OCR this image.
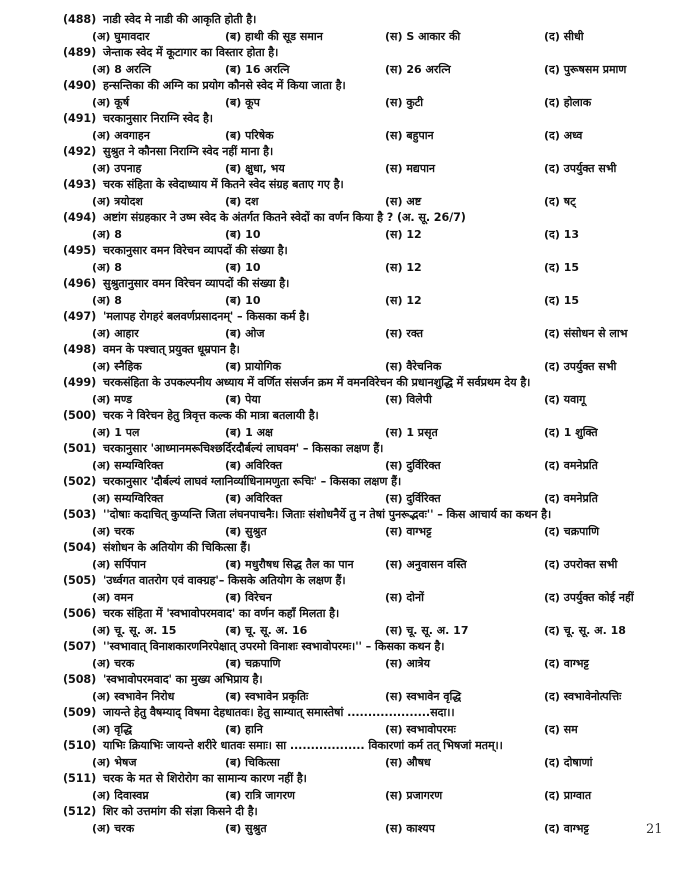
(488) नाडी स्वेद मे नाडी की आकृति होती है।
(अ) घुमावदार	(ब) हाथी की सूड समान	(स) S आकार की	(द) सीधी
(489) जेन्ताक स्वेद में कूटागार का विस्तार होता है।
(अ) 8 अरत्नि	(ब) 16 अरत्नि	(स) 26 अरत्नि	(द) पुरूषसम प्रमाण
(490) हन्सन्तिका की अग्नि का प्रयोग कौनसे स्वेद में किया जाता है।
(अ) कूर्ष	(ब) कूप	(स) कुटी	(द) होलाक
(491) चरकानुसार निराग्नि स्वेद है।
(अ) अवगाहन	(ब) परिषेक	(स) बहुपान	(द) अध्व
(492) सुश्रुत ने कौनसा निराग्नि स्वेद नहीं माना है।
(अ) उपनाह	(ब) क्षुधा, भय	(स) मद्यपान	(द) उपर्युक्त सभी
(493) चरक संहिता के स्वेदाध्याय में कितने स्वेद संग्रह बताए गए है।
(अ) त्रयोदश	(ब) दश	(स) अष्ट	(द) षट्
(494) अष्टांग संग्रहकार ने उष्म स्वेद के अंतर्गत कितने स्वेदों का वर्णन किया है ? (अ. सू. 26/7)
(अ) 8	(ब) 10	(स) 12	(द) 13
(495) चरकानुसार वमन विरेचन व्यापदों की संख्या है।
(अ) 8	(ब) 10	(स) 12	(द) 15
(496) सुश्रुतानुसार वमन विरेचन व्यापदों की संख्या है।
(अ) 8	(ब) 10	(स) 12	(द) 15
(497) 'मलापह रोगहरं बलवर्णप्रसादनम्' – किसका कर्म है।
(अ) आहार	(ब) ओज	(स) रक्त	(द) संसोधन से लाभ
(498) वमन के पश्चात् प्रयुक्त धूम्रपान है।
(अ) स्नैहिक	(ब) प्रायोगिक	(स) वैरेचनिक	(द) उपर्युक्त सभी
(499) चरकसंहिता के उपकल्पनीय अध्याय में वर्णित संसर्जन क्रम में वमनविरेचन की प्रधानशुद्धि में सर्वप्रथम देय है।
(अ) मण्ड	(ब) पेया	(स) विलेपी	(द) यवागू
(500) चरक ने विरेचन हेतु त्रिवृत्त कल्क की मात्रा बतलायी है।
(अ) 1 पल	(ब) 1 अक्ष	(स) 1 प्रसृत	(द) 1 शुक्ति
(501) चरकानुसार 'आध्मानमरूचिश्छर्दिरदौर्बल्यं लाघवम' – किसका लक्षण हैं।
(अ) सम्यग्विरिक्त	(ब) अविरिक्त	(स) दुर्विरिक्त	(द) वमनेप्रति
(502) चरकानुसार 'दौर्बल्यं लाघवं ग्लानिर्व्याधिनामणुता रूचिः' – किसका लक्षण हैं।
(अ) सम्यग्विरिक्त	(ब) अविरिक्त	(स) दुर्विरिक्त	(द) वमनेप्रति
(503) ''दोषाः कदाचित् कुप्यन्ति जिता लंघनपाचनैः। जिताः संशोधनैर्ये तु न तेषां पुनरूद्भवः'' – किस आचार्य का कथन है।
(अ) चरक	(ब) सुश्रुत	(स) वाग्भट्ट	(द) चक्रपाणि
(504) संशोधन के अतियोग की चिकित्सा हैं।
(अ) सर्पिपान	(ब) मधुरौषध सिद्ध तैल का पान	(स) अनुवासन वस्ति	(द) उपरोक्त सभी
(505) 'उर्ध्वगत वातरोग एवं वाक्ग्रह'– किसके अतियोग के लक्षण हैं।
(अ) वमन	(ब) विरेचन	(स) दोनों	(द) उपर्युक्त कोई नहीं
(506) चरक संहिता में 'स्वभावोपरमवाद' का वर्णन कहाँ मिलता है।
(अ) चू. सू. अ. 15	(ब) चू. सू. अ. 16	(स) चू. सू. अ. 17	(द) चू. सू. अ. 18
(507) ''स्वभावात् विनाशकारणनिरपेक्षात् उपरमो विनाशः स्वभावोपरमः।'' – किसका कथन है।
(अ) चरक	(ब) चक्रपाणि	(स) आत्रेय	(द) वाग्भट्ट
(508) 'स्वभावोपरमवाद' का मुख्य अभिप्राय है।
(अ) स्वभावेन निरोध	(ब) स्वभावेन प्रकृतिः	(स) स्वभावेन वृद्धि	(द) स्वभावेनोत्पत्तिः
(509) जायन्ते हेतु वैषम्याद् विषमा देहधातवः। हेतु साम्यात् समास्तेषां ....................सदा।।
(अ) वृद्धि	(ब) हानि	(स) स्वभावोपरमः	(द) सम
(510) याभिः क्रियाभिः जायन्ते शरीरे धातवः समाः। सा .................. विकारणां कर्म तत् भिषजां मतम्।।
(अ) भेषज	(ब) चिकित्सा	(स) औषध	(द) दोषाणां
(511) चरक के मत से शिरोरोग का सामान्य कारण नहीं है।
(अ) दिवास्वप्न	(ब) रात्रि जागरण	(स) प्रजागरण	(द) प्राग्वात
(512) शिर को उत्तमांग की संज्ञा किसने दी है।
(अ) चरक	(ब) सुश्रुत	(स) काश्यप	(द) वाग्भट्ट	21
